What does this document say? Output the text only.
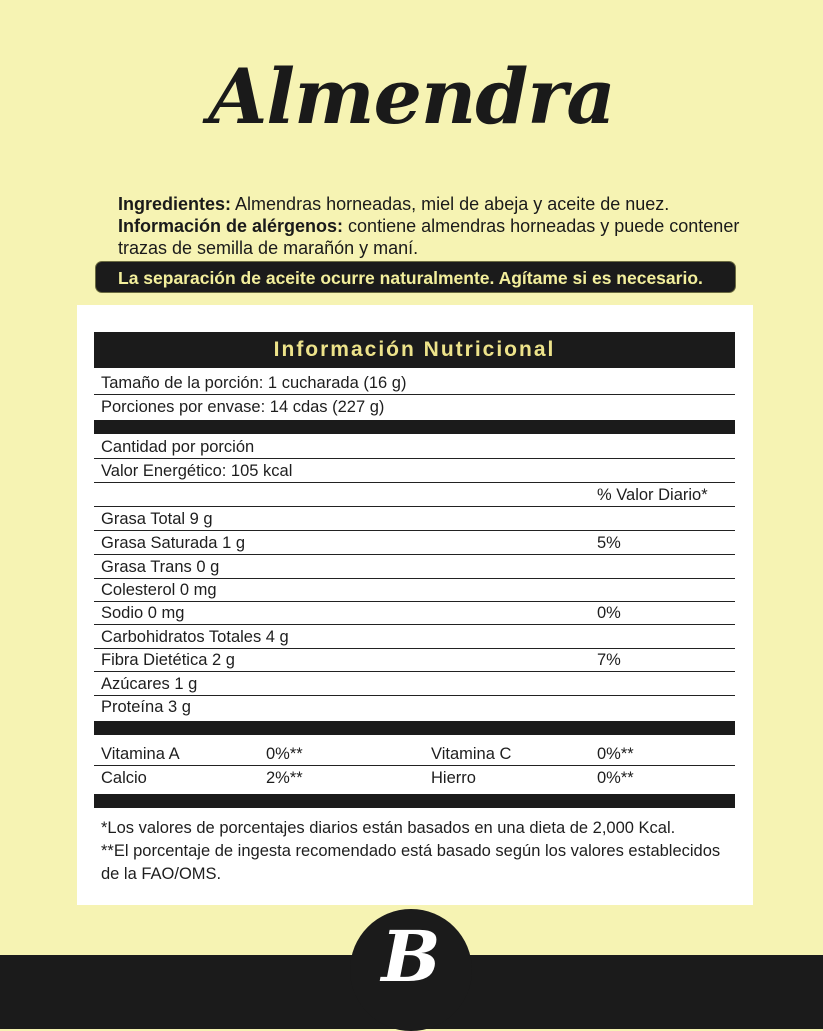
Almendra
Ingredientes: Almendras horneadas, miel de abeja y aceite de nuez.
Información de alérgenos: contiene almendras horneadas y puede contener trazas de semilla de marañón y maní.
La separación de aceite ocurre naturalmente. Agítame si es necesario.
Información Nutricional
Tamaño de la porción: 1 cucharada (16 g)
Porciones por envase: 14 cdas (227 g)
Cantidad por porción
Valor Energético: 105 kcal
% Valor Diario*
Grasa Total 9 g
Grasa Saturada 1 g	5%
Grasa Trans 0 g
Colesterol 0 mg
Sodio 0 mg	0%
Carbohidratos Totales 4 g
Fibra Dietética 2 g	7%
Azúcares 1 g
Proteína 3 g
Vitamina A	0%**	Vitamina C	0%**
Calcio	2%**	Hierro	0%**
*Los valores de porcentajes diarios están basados en una dieta de 2,000 Kcal.
**El porcentaje de ingesta recomendado está basado según los valores establecidos de la FAO/OMS.
B
